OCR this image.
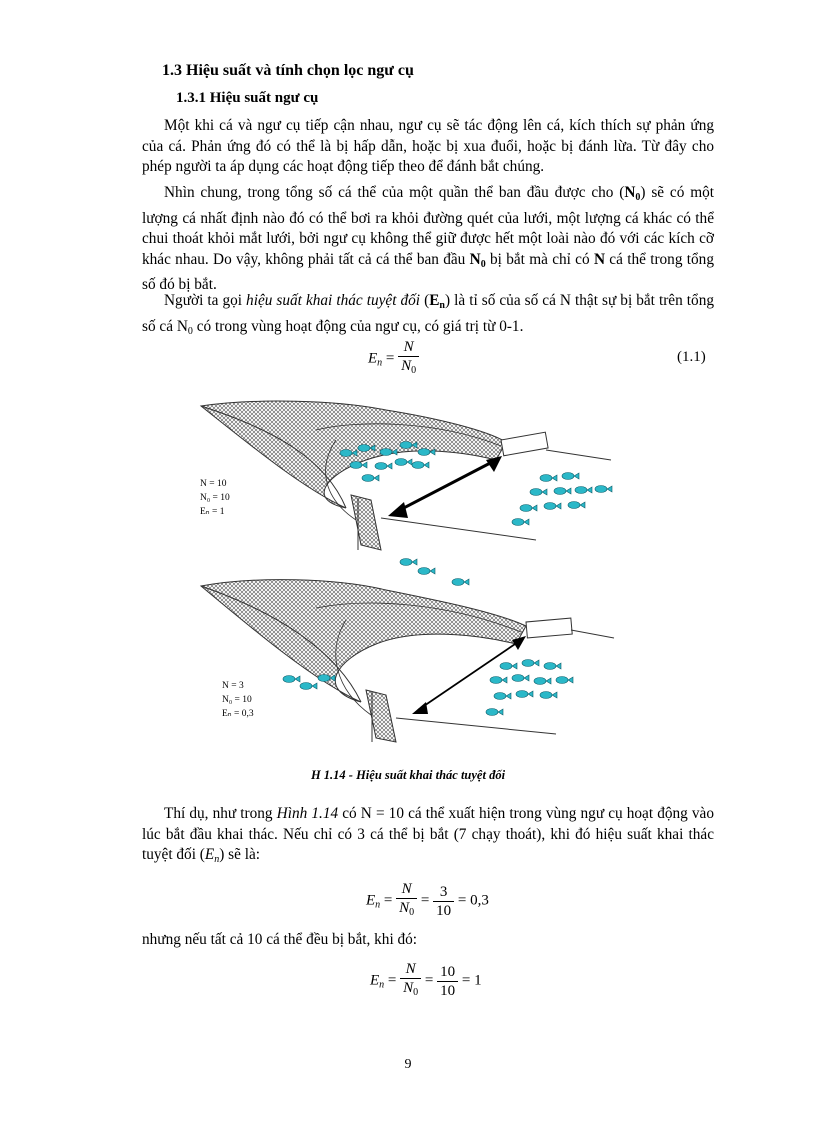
1.3 Hiệu suất và tính chọn lọc ngư cụ
1.3.1 Hiệu suất ngư cụ

Một khi cá và ngư cụ tiếp cận nhau, ngư cụ sẽ tác động lên cá, kích thích sự phản ứng của cá. Phản ứng đó có thể là bị hấp dẫn, hoặc bị xua đuổi, hoặc bị đánh lừa. Từ đây cho phép người ta áp dụng các hoạt động tiếp theo để đánh bắt chúng.

Nhìn chung, trong tổng số cá thể của một quần thể ban đầu được cho $(N_0)$ sẽ có một lượng cá nhất định nào đó có thể bơi ra khỏi đường quét của lưới, một lượng cá khác có thể chui thoát khỏi mắt lưới, bởi ngư cụ không thể giữ được hết một loài nào đó với các kích cỡ khác nhau. Do vậy, không phải tất cả cá thể ban đầu $N_0$ bị bắt mà chỉ có N cá thể trong tổng số đó bị bắt.

Người ta gọi hiệu suất khai thác tuyệt đối $(E_n)$ là tỉ số của số cá N thật sự bị bắt trên tổng số cá $N_0$ có trong vùng hoạt động của ngư cụ, có giá trị từ 0-1.

$E_n = \frac{N}{N_0}$	(1.1)
N = 10
N₀ = 10
Eₙ = 1
N = 3
N₀ = 10
Eₙ = 0,3
H 1.14 - Hiệu suất khai thác tuyệt đối

Thí dụ, như trong Hình 1.14 có N = 10 cá thể xuất hiện trong vùng ngư cụ hoạt động vào lúc bắt đầu khai thác. Nếu chỉ có 3 cá thể bị bắt (7 chạy thoát), khi đó hiệu suất khai thác tuyệt đối $(E_n)$ sẽ là:

$E_n = \frac{N}{N_0} = \frac{3}{10} = 0,3$

nhưng nếu tất cả 10 cá thể đều bị bắt, khi đó:

$E_n = \frac{N}{N_0} = \frac{10}{10} = 1$
9
